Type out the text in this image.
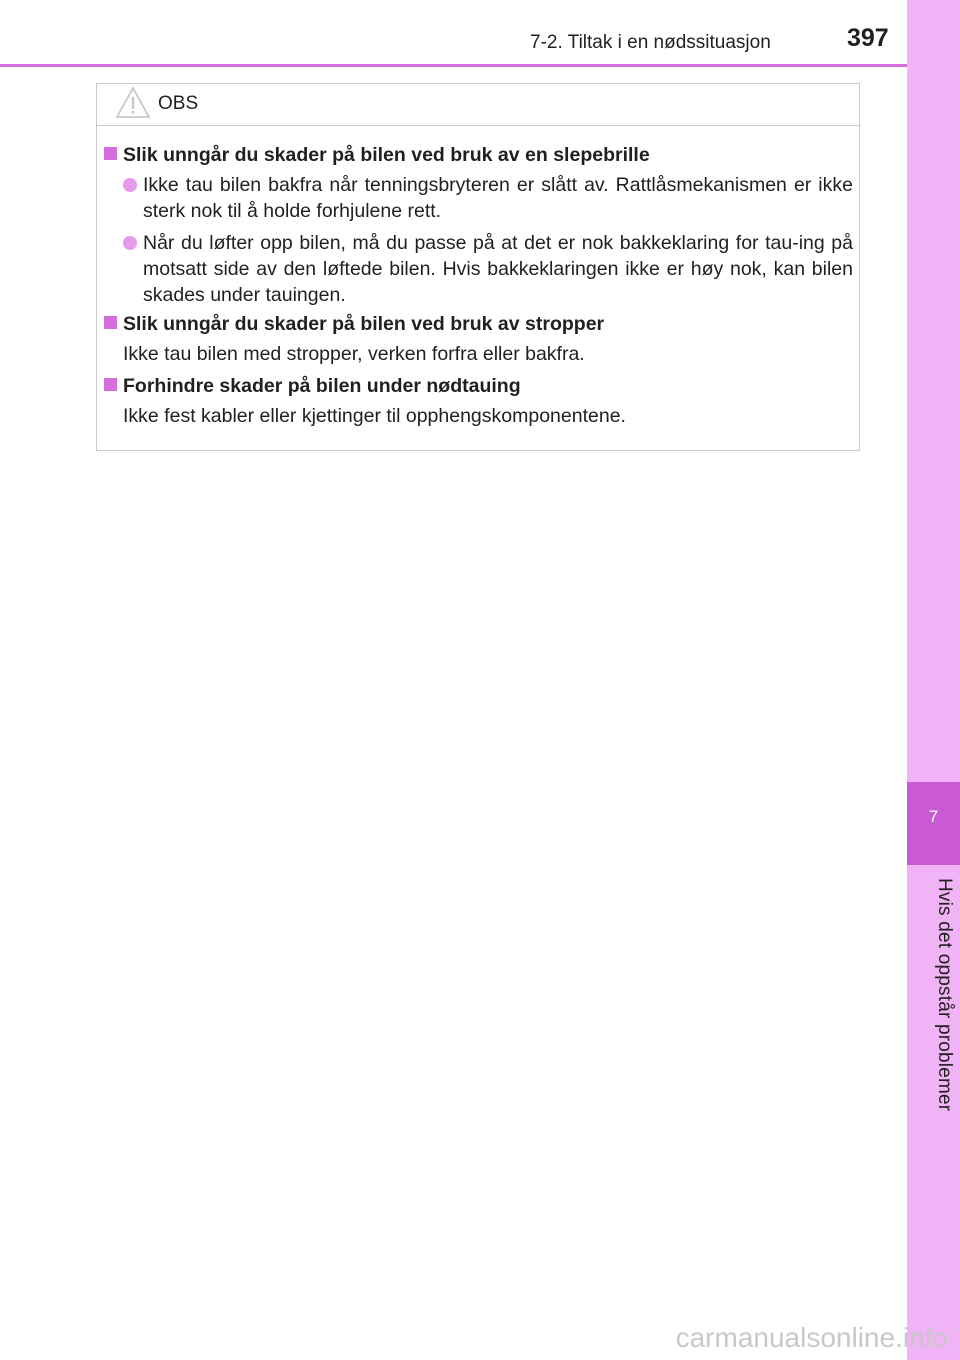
7-2. Tiltak i en nødssituasjon	397
7
Hvis det oppstår problemer
OBS
Slik unngår du skader på bilen ved bruk av en slepebrille
Ikke tau bilen bakfra når tenningsbryteren er slått av. Rattlåsmekanismen er ikke sterk nok til å holde forhjulene rett.
Når du løfter opp bilen, må du passe på at det er nok bakkeklaring for tau-ing på motsatt side av den løftede bilen. Hvis bakkeklaringen ikke er høy nok, kan bilen skades under tauingen.
Slik unngår du skader på bilen ved bruk av stropper
Ikke tau bilen med stropper, verken forfra eller bakfra.
Forhindre skader på bilen under nødtauing
Ikke fest kabler eller kjettinger til opphengskomponentene.
carmanualsonline.info
